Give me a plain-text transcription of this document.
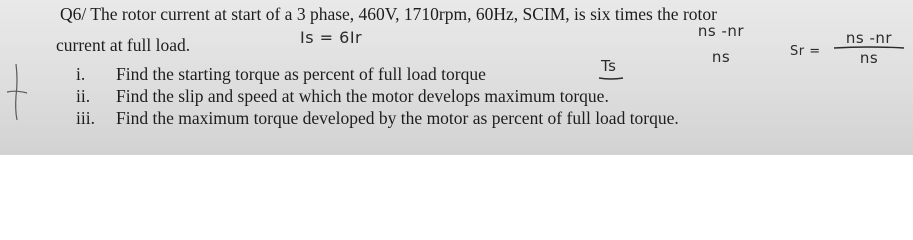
Q6/ The rotor current at start of a 3 phase, 460V, 1710rpm, 60Hz, SCIM, is six times the rotor
current at full load.
i. Find the starting torque as percent of full load torque
ii. Find the slip and speed at which the motor develops maximum torque.
iii. Find the maximum torque developed by the motor as percent of full load torque.
Is = 6Ir	ns -nr
ns	Sr =
ns -nr
ns
Ts
